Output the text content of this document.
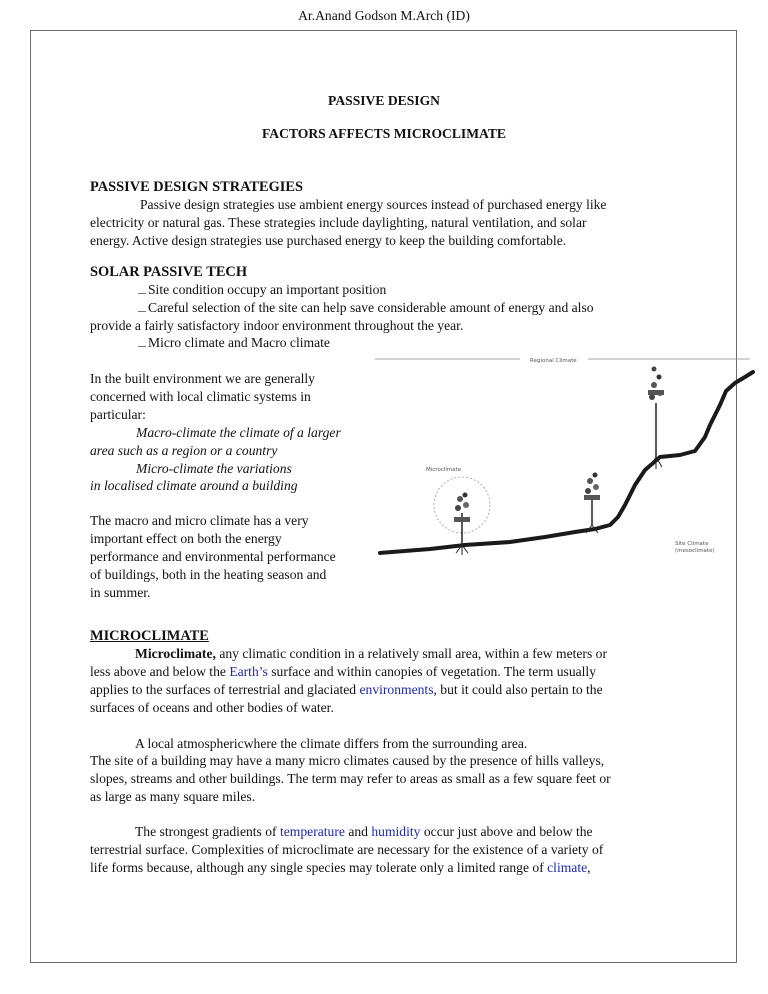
Ar.Anand Godson M.Arch (ID)
PASSIVE DESIGN
FACTORS AFFECTS MICROCLIMATE
PASSIVE DESIGN STRATEGIES
Passive design strategies use ambient energy sources instead of purchased energy like
electricity or natural gas. These strategies include daylighting, natural ventilation, and solar
energy. Active design strategies use purchased energy to keep the building comfortable.
SOLAR PASSIVE TECH
Site condition occupy an important position
Careful selection of the site can help save considerable amount of energy and also
provide a fairly satisfactory indoor environment throughout the year.
Micro climate and Macro climate
In the built environment we are generally
concerned with local climatic systems in
particular:
Macro-climate the climate of a larger
area such as a region or a country
Micro-climate the variations
in localised climate around a building
The macro and micro climate has a very
important effect on both the energy
performance and environmental performance
of buildings, both in the heating season and
in summer.
Regional Climate
Microclimate
Site Climate
(mesoclimate)
MICROCLIMATE
Microclimate, any climatic condition in a relatively small area, within a few meters or
less above and below the Earth’s surface and within canopies of vegetation. The term usually
applies to the surfaces of terrestrial and glaciated environments, but it could also pertain to the
surfaces of oceans and other bodies of water.
A local atmosphericwhere the climate differs from the surrounding area.
The site of a building may have a many micro climates caused by the presence of hills valleys,
slopes, streams and other buildings. The term may refer to areas as small as a few square feet or
as large as many square miles.
The strongest gradients of temperature and humidity occur just above and below the
terrestrial surface. Complexities of microclimate are necessary for the existence of a variety of
life forms because, although any single species may tolerate only a limited range of climate,
